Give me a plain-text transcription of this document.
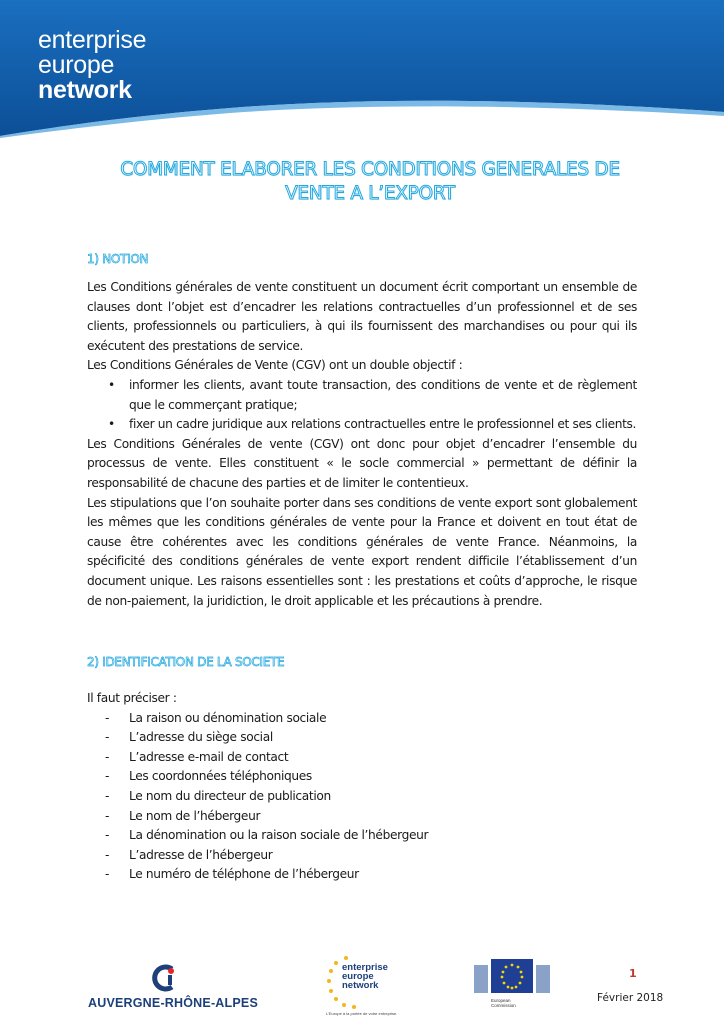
enterprise
europe
network
COMMENT ELABORER LES CONDITIONS GENERALES DE VENTE A L’EXPORT
1) NOTION

Les Conditions générales de vente constituent un document écrit comportant un ensemble de clauses dont l’objet est d’encadrer les relations contractuelles d’un professionnel et de ses clients, professionnels ou particuliers, à qui ils fournissent des marchandises ou pour qui ils exécutent des prestations de service.

Les Conditions Générales de Vente (CGV) ont un double objectif :

• informer les clients, avant toute transaction, des conditions de vente et de règlement que le commerçant pratique;
• fixer un cadre juridique aux relations contractuelles entre le professionnel et ses clients.

Les Conditions Générales de vente (CGV) ont donc pour objet d’encadrer l’ensemble du processus de vente. Elles constituent « le socle commercial » permettant de définir la responsabilité de chacune des parties et de limiter le contentieux.

Les stipulations que l’on souhaite porter dans ses conditions de vente export sont globalement les mêmes que les conditions générales de vente pour la France et doivent en tout état de cause être cohérentes avec les conditions générales de vente France. Néanmoins, la spécificité des conditions générales de vente export rendent difficile l’établissement d’un document unique. Les raisons essentielles sont : les prestations et coûts d’approche, le risque de non-paiement, la juridiction, le droit applicable et les précautions à prendre.

2) IDENTIFICATION DE LA SOCIETE

Il faut préciser :

- La raison ou dénomination sociale
- L’adresse du siège social
- L’adresse e-mail de contact
- Les coordonnées téléphoniques
- Le nom du directeur de publication
- Le nom de l’hébergeur
- La dénomination ou la raison sociale de l’hébergeur
- L’adresse de l’hébergeur
- Le numéro de téléphone de l’hébergeur
AUVERGNE-RHÔNE-ALPES
enterprise
europe
network
L’Europe à la portée de votre entreprise.
European
Commission
1
Février 2018
